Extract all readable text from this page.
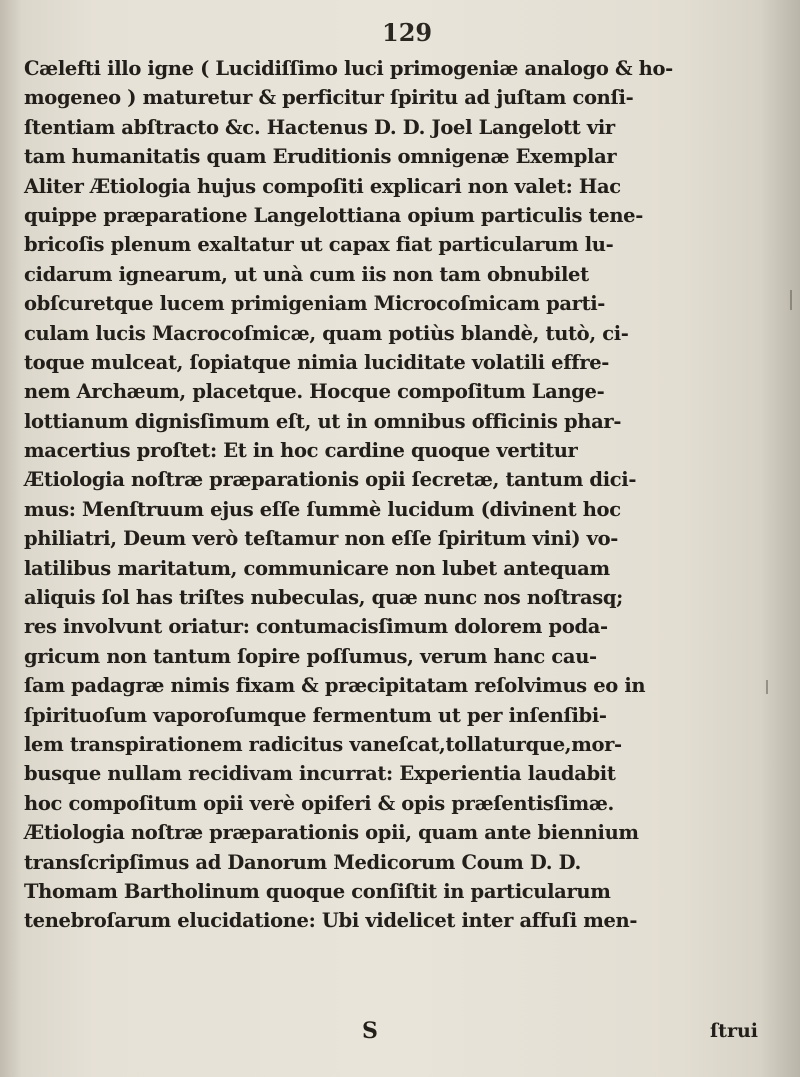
129
Cælefti illo igne ( Lucidiſſimo luci primogeniæ analogo & ho-
mogeneo ) maturetur & perficitur ſpiritu ad juſtam conſi-
ſtentiam abſtracto &c. Hactenus D. D. Joel Langelott vir
tam humanitatis quam Eruditionis omnigenæ Exemplar
Aliter Ætiologia hujus compoſiti explicari non valet: Hac
quippe præparatione Langelottiana opium particulis tene-
bricoſis plenum exaltatur ut capax fiat particularum lu-
cidarum ignearum, ut unà cum iis non tam obnubilet
obſcuretque lucem primigeniam Microcoſmicam parti-
culam lucis Macrocoſmicæ, quam potiùs blandè, tutò, ci-
toque mulceat, ſopiatque nimia luciditate volatili effre-
nem Archæum, placetque. Hocque compoſitum Lange-
lottianum dignisſimum eſt, ut in omnibus officinis phar-
macertius proſtet: Et in hoc cardine quoque vertitur
Ætiologia noſtræ præparationis opii ſecretæ, tantum dici-
mus: Menſtruum ejus eſſe ſummè lucidum (divinent hoc
philiatri, Deum verò teſtamur non eſſe ſpiritum vini) vo-
latilibus maritatum, communicare non lubet antequam
aliquis ſol has triſtes nubeculas, quæ nunc nos noſtrasq;
res involvunt oriatur: contumacisſimum dolorem poda-
gricum non tantum ſopire poſſumus, verum hanc cau-
ſam padagræ nimis fixam & præcipitatam reſolvimus eo in
ſpirituoſum vaporoſumque fermentum ut per inſenſibi-
lem transpirationem radicitus vaneſcat,tollaturque,mor-
busque nullam recidivam incurrat: Experientia laudabit
hoc compoſitum opii verè opiferi & opis præſentisſimæ.
Ætiologia noſtræ præparationis opii, quam ante biennium
transſcripſimus ad Danorum Medicorum Coum D. D.
Thomam Bartholinum quoque conſiſtit in particularum
tenebroſarum elucidatione: Ubi videlicet inter affuſi men-
S	ſtrui
